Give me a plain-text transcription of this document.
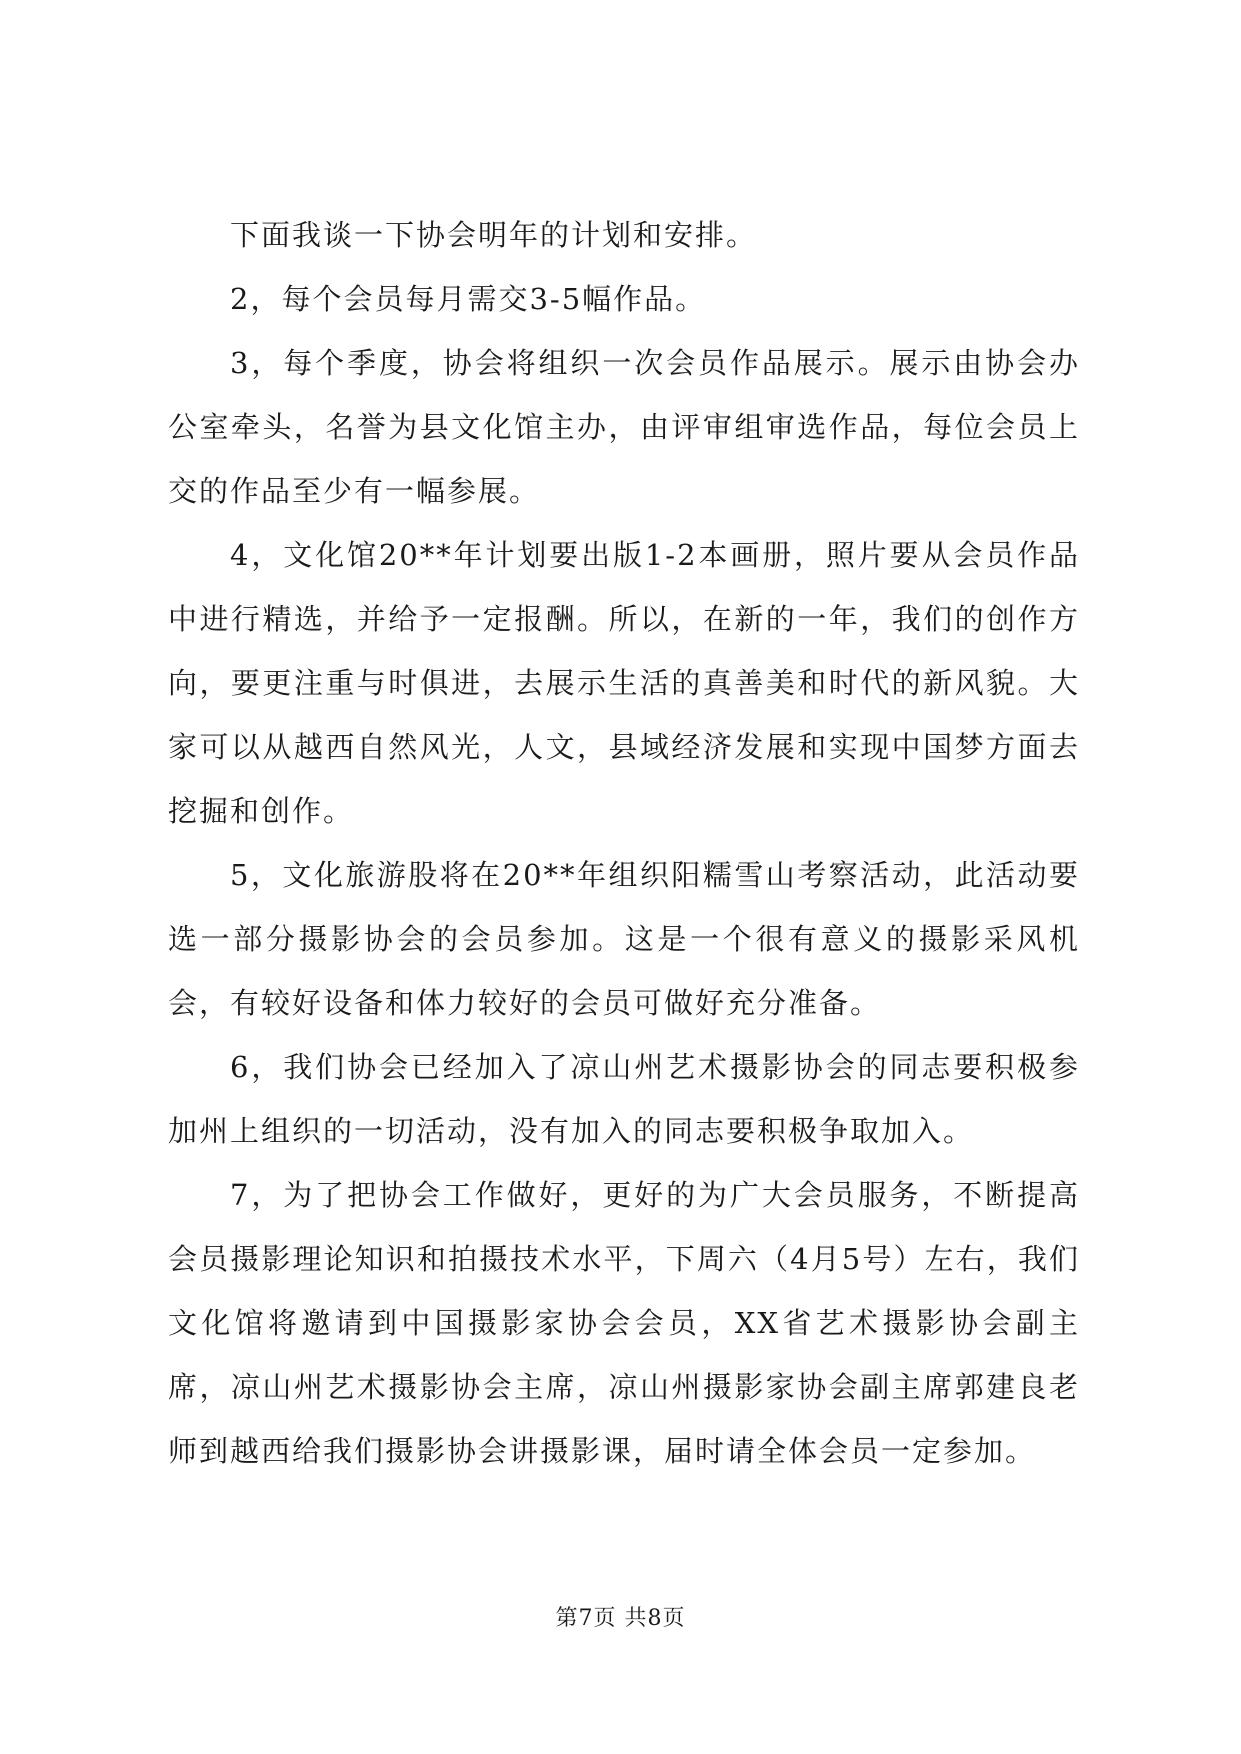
下面我谈一下协会明年的计划和安排。

2，每个会员每月需交3-5幅作品。

3，每个季度，协会将组织一次会员作品展示。展示由协会办公室牵头，名誉为县文化馆主办，由评审组审选作品，每位会员上交的作品至少有一幅参展。

4，文化馆20**年计划要出版1-2本画册，照片要从会员作品中进行精选，并给予一定报酬。所以，在新的一年，我们的创作方向，要更注重与时俱进，去展示生活的真善美和时代的新风貌。大家可以从越西自然风光，人文，县域经济发展和实现中国梦方面去挖掘和创作。

5，文化旅游股将在20**年组织阳糯雪山考察活动，此活动要选一部分摄影协会的会员参加。这是一个很有意义的摄影采风机会，有较好设备和体力较好的会员可做好充分准备。

6，我们协会已经加入了凉山州艺术摄影协会的同志要积极参加州上组织的一切活动，没有加入的同志要积极争取加入。

7，为了把协会工作做好，更好的为广大会员服务，不断提高会员摄影理论知识和拍摄技术水平，下周六（4月5号）左右，我们文化馆将邀请到中国摄影家协会会员，XX省艺术摄影协会副主席，凉山州艺术摄影协会主席，凉山州摄影家协会副主席郭建良老师到越西给我们摄影协会讲摄影课，届时请全体会员一定参加。

第7页 共8页
